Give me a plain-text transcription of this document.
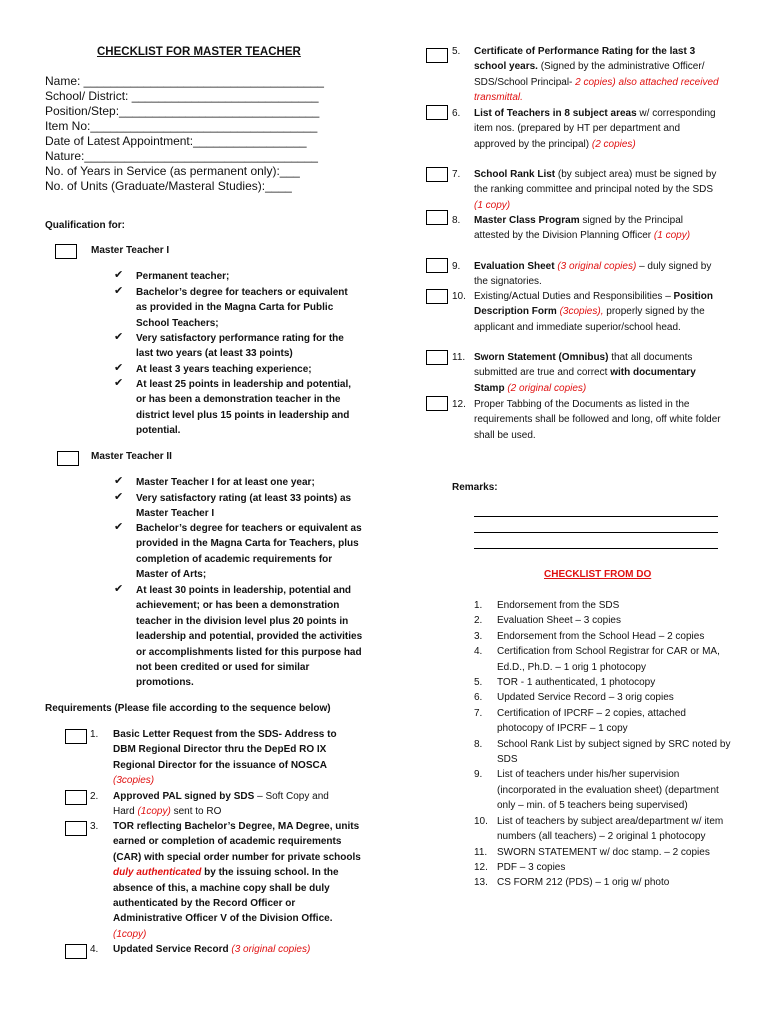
CHECKLIST FOR MASTER TEACHER
Name: ____________________________________
School/ District: ____________________________
Position/Step:______________________________
Item No:__________________________________
Date of Latest Appointment:_________________
Nature:___________________________________
No. of Years in Service (as permanent only):___
No. of Units (Graduate/Masteral Studies):____
Qualification for:
Master Teacher I
✔ Permanent teacher;
✔ Bachelor’s degree for teachers or equivalent as provided in the Magna Carta for Public School Teachers;
✔ Very satisfactory performance rating for the last two years (at least 33 points)
✔ At least 3 years teaching experience;
✔ At least 25 points in leadership and potential, or has been a demonstration teacher in the district level plus 15 points in leadership and potential.
Master Teacher II
✔ Master Teacher I for at least one year;
✔ Very satisfactory rating (at least 33 points) as Master Teacher I
✔ Bachelor’s degree for teachers or equivalent as provided in the Magna Carta for Teachers, plus completion of academic requirements for Master of Arts;
✔ At least 30 points in leadership, potential and achievement; or has been a demonstration teacher in the division level plus 20 points in leadership and potential, provided the activities or accomplishments listed for this purpose had not been credited or used for similar promotions.
Requirements (Please file according to the sequence below)
1. Basic Letter Request from the SDS- Address to DBM Regional Director thru the DepEd RO IX Regional Director for the issuance of NOSCA (3copies)
2. Approved PAL signed by SDS – Soft Copy and Hard (1copy) sent to RO
3. TOR reflecting Bachelor’s Degree, MA Degree, units earned or completion of academic requirements (CAR) with special order number for private schools duly authenticated by the issuing school. In the absence of this, a machine copy shall be duly authenticated by the Record Officer or Administrative Officer V of the Division Office. (1copy)
4. Updated Service Record (3 original copies)
5. Certificate of Performance Rating for the last 3 school years. (Signed by the administrative Officer/ SDS/School Principal- 2 copies) also attached received transmittal.
6. List of Teachers in 8 subject areas w/ corresponding item nos. (prepared by HT per department and approved by the principal) (2 copies)
7. School Rank List (by subject area) must be signed by the ranking committee and principal noted by the SDS (1 copy)
8. Master Class Program signed by the Principal attested by the Division Planning Officer (1 copy)
9. Evaluation Sheet (3 original copies) – duly signed by the signatories.
10. Existing/Actual Duties and Responsibilities – Position Description Form (3copies), properly signed by the applicant and immediate superior/school head.
11. Sworn Statement (Omnibus) that all documents submitted are true and correct with documentary Stamp (2 original copies)
12. Proper Tabbing of the Documents as listed in the requirements shall be followed and long, off white folder shall be used.
Remarks:
CHECKLIST FROM DO
1. Endorsement from the SDS
2. Evaluation Sheet – 3 copies
3. Endorsement from the School Head – 2 copies
4. Certification from School Registrar for CAR or MA, Ed.D., Ph.D. – 1 orig 1 photocopy
5. TOR - 1 authenticated, 1 photocopy
6. Updated Service Record – 3 orig copies
7. Certification of IPCRF – 2 copies, attached photocopy of IPCRF – 1 copy
8. School Rank List by subject signed by SRC noted by SDS
9. List of teachers under his/her supervision (incorporated in the evaluation sheet) (department only – min. of 5 teachers being supervised)
10. List of teachers by subject area/department w/ item numbers (all teachers) – 2 original 1 photocopy
11. SWORN STATEMENT w/ doc stamp. – 2 copies
12. PDF – 3 copies
13. CS FORM 212 (PDS) – 1 orig w/ photo
